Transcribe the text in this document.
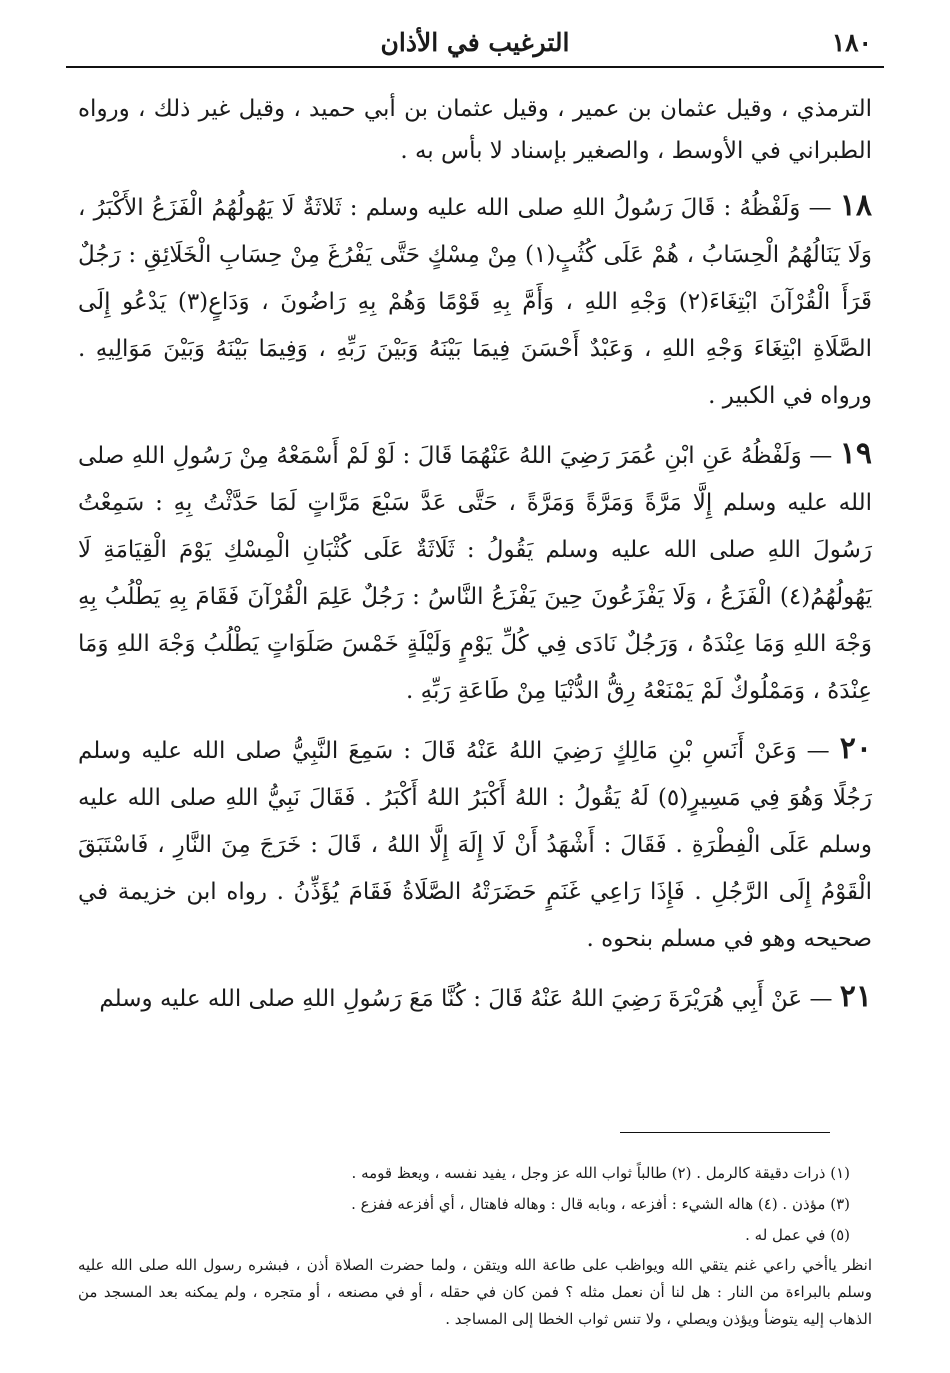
١٨٠
الترغيب في الأذان

الترمذي ، وقيل عثمان بن عمير ، وقيل عثمان بن أبي حميد ، وقيل غير ذلك ، ورواه الطبراني في الأوسط ، والصغير بإسناد لا بأس به .

١٨ — وَلَفْظُهُ : قَالَ رَسُولُ اللهِ صلى الله عليه وسلم : ثَلاثَةٌ لَا يَهُولُهُمُ الْفَزَعُ الأَكْبَرُ ، وَلَا يَنَالُهُمُ الْحِسَابُ ، هُمْ عَلَى كُثُبٍ(١) مِنْ مِسْكٍ حَتَّى يَفْرُغَ مِنْ حِسَابِ الْخَلَائِقِ : رَجُلٌ قَرَأَ الْقُرْآنَ ابْتِغَاءَ(٢) وَجْهِ اللهِ ، وَأَمَّ بِهِ قَوْمًا وَهُمْ بِهِ رَاضُونَ ، وَدَاعٍ(٣) يَدْعُو إِلَى الصَّلَاةِ ابْتِغَاءَ وَجْهِ اللهِ ، وَعَبْدٌ أَحْسَنَ فِيمَا بَيْنَهُ وَبَيْنَ رَبِّهِ ، وَفِيمَا بَيْنَهُ وَبَيْنَ مَوَالِيهِ . ورواه في الكبير .

١٩ — وَلَفْظُهُ عَنِ ابْنِ عُمَرَ رَضِيَ اللهُ عَنْهُمَا قَالَ : لَوْ لَمْ أَسْمَعْهُ مِنْ رَسُولِ اللهِ صلى الله عليه وسلم إِلَّا مَرَّةً وَمَرَّةً وَمَرَّةً ، حَتَّى عَدَّ سَبْعَ مَرَّاتٍ لَمَا حَدَّثْتُ بِهِ : سَمِعْتُ رَسُولَ اللهِ صلى الله عليه وسلم يَقُولُ : ثَلَاثَةٌ عَلَى كُثْبَانِ الْمِسْكِ يَوْمَ الْقِيَامَةِ لَا يَهُولُهُمُ(٤) الْفَزَعُ ، وَلَا يَفْزَعُونَ حِينَ يَفْزَعُ النَّاسُ : رَجُلٌ عَلِمَ الْقُرْآنَ فَقَامَ بِهِ يَطْلُبُ بِهِ وَجْهَ اللهِ وَمَا عِنْدَهُ ، وَرَجُلٌ نَادَى فِي كُلِّ يَوْمٍ وَلَيْلَةٍ خَمْسَ صَلَوَاتٍ يَطْلُبُ وَجْهَ اللهِ وَمَا عِنْدَهُ ، وَمَمْلُوكٌ لَمْ يَمْنَعْهُ رِقُّ الدُّنْيَا مِنْ طَاعَةِ رَبِّهِ .

٢٠ — وَعَنْ أَنَسِ بْنِ مَالِكٍ رَضِيَ اللهُ عَنْهُ قَالَ : سَمِعَ النَّبِيُّ صلى الله عليه وسلم رَجُلًا وَهُوَ فِي مَسِيرٍ(٥) لَهُ يَقُولُ : اللهُ أَكْبَرُ اللهُ أَكْبَرُ . فَقَالَ نَبِيُّ اللهِ صلى الله عليه وسلم عَلَى الْفِطْرَةِ . فَقَالَ : أَشْهَدُ أَنْ لَا إِلَهَ إِلَّا اللهُ ، قَالَ : خَرَجَ مِنَ النَّارِ ، فَاسْتَبَقَ الْقَوْمُ إِلَى الرَّجُلِ . فَإِذَا رَاعِي غَنَمٍ حَضَرَتْهُ الصَّلَاةُ فَقَامَ يُؤَذِّنُ . رواه ابن خزيمة في صحيحه وهو في مسلم بنحوه .

٢١ — عَنْ أَبِي هُرَيْرَةَ رَضِيَ اللهُ عَنْهُ قَالَ : كُنَّا مَعَ رَسُولِ اللهِ صلى الله عليه وسلم

(١) ذرات دقيقة كالرمل . (٢) طالباً ثواب الله عز وجل ، يفيد نفسه ، ويعظ قومه .
(٣) مؤذن . (٤) هاله الشيء : أفزعه ، وبابه قال : وهاله فاهتال ، أي أفزعه ففزع .
(٥) في عمل له .
انظر ياأخي راعي غنم يتقي الله ويواظب على طاعة الله ويتقن ، ولما حضرت الصلاة أذن ، فبشره رسول الله صلى الله عليه وسلم بالبراءة من النار : هل لنا أن نعمل مثله ؟ فمن كان في حقله ، أو في مصنعه ، أو متجره ، ولم يمكنه بعد المسجد من الذهاب إليه يتوضأ ويؤذن ويصلي ، ولا تنس ثواب الخطا إلى المساجد .
